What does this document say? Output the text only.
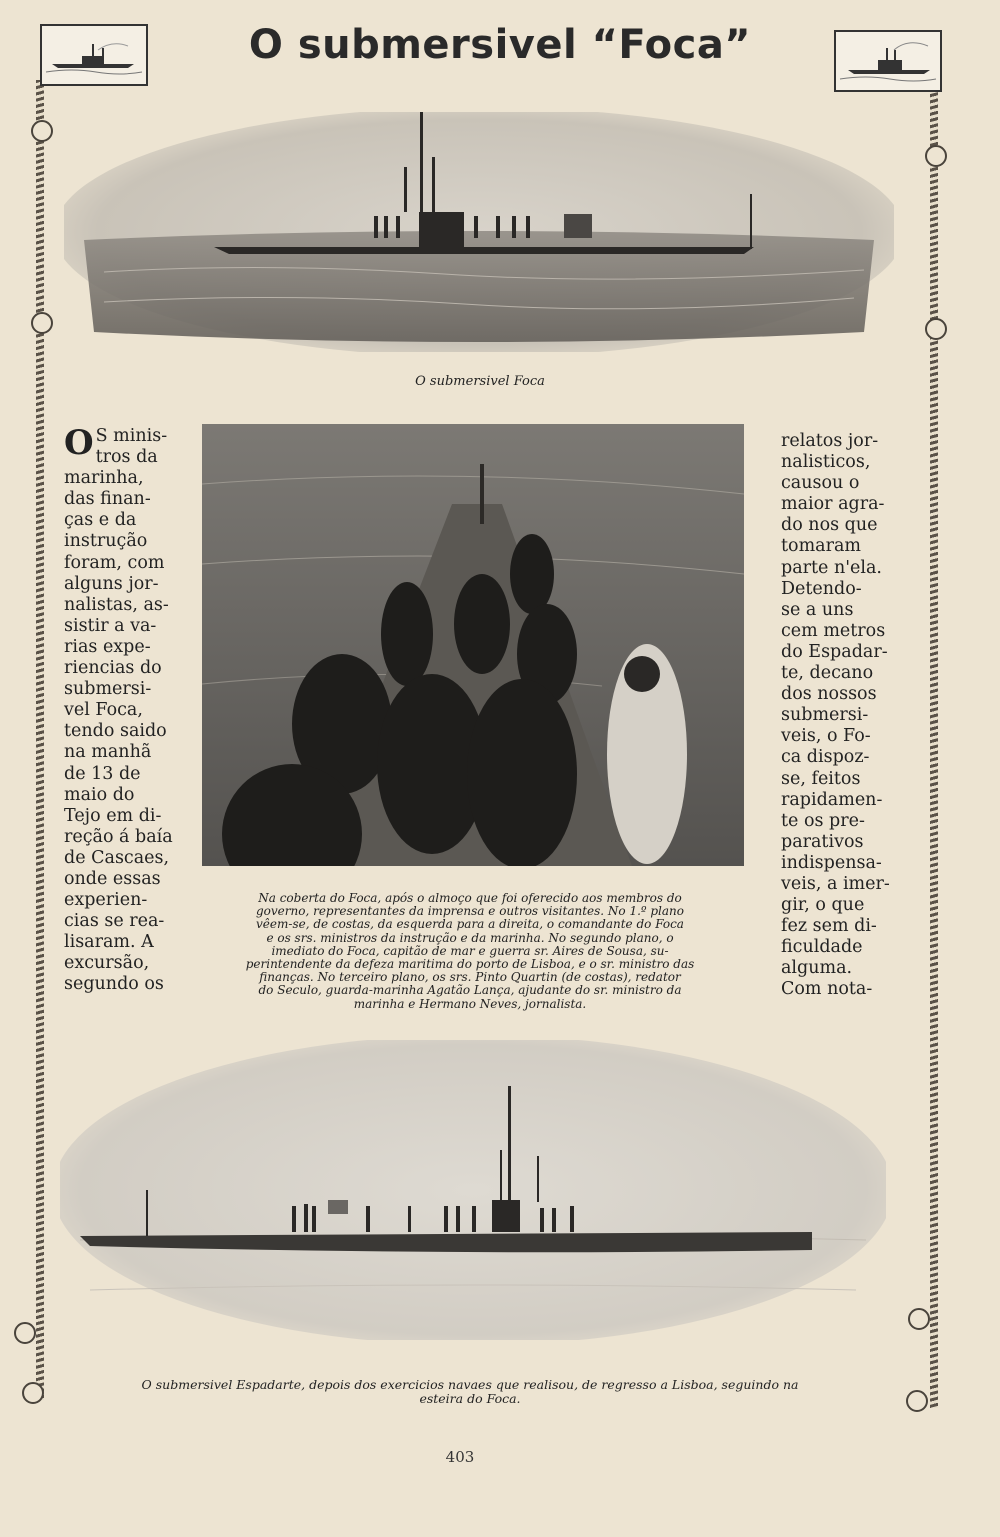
O submersivel “Foca”
O submersivel Foca
O S minis-
tros da
marinha,
das finan-
ças e da
instrução
foram, com
alguns jor-
nalistas, as-
sistir a va-
rias expe-
riencias do
submersi-
vel Foca,
tendo saido
na manhã
de 13 de
maio do
Tejo em di-
reção á baía
de Cascaes,
onde essas
experien-
cias se rea-
lisaram. A
excursão,
segundo os
relatos jor-
nalisticos,
causou o
maior agra-
do nos que
tomaram
parte n'ela.
Detendo-
se a uns
cem metros
do Espadar-
te, decano
dos nossos
submersi-
veis, o Fo-
ca dispoz-
se, feitos
rapidamen-
te os pre-
parativos
indispensa-
veis, a imer-
gir, o que
fez sem di-
ficuldade
alguma.
Com nota-
Na coberta do Foca, após o almoço que foi oferecido aos membros do
governo, representantes da imprensa e outros visitantes. No 1.º plano
vêem-se, de costas, da esquerda para a direita, o comandante do Foca
e os srs. ministros da instrução e da marinha. No segundo plano, o
imediato do Foca, capitão de mar e guerra sr. Aires de Sousa, su-
perintendente da defeza maritima do porto de Lisboa, e o sr. ministro das
finanças. No terceiro plano, os srs. Pinto Quartin (de costas), redator
do Seculo, guarda-marinha Agatão Lança, ajudante do sr. ministro da
marinha e Hermano Neves, jornalista.
O submersivel Espadarte, depois dos exercicios navaes que realisou, de regresso a Lisboa, seguindo na
esteira do Foca.
403
